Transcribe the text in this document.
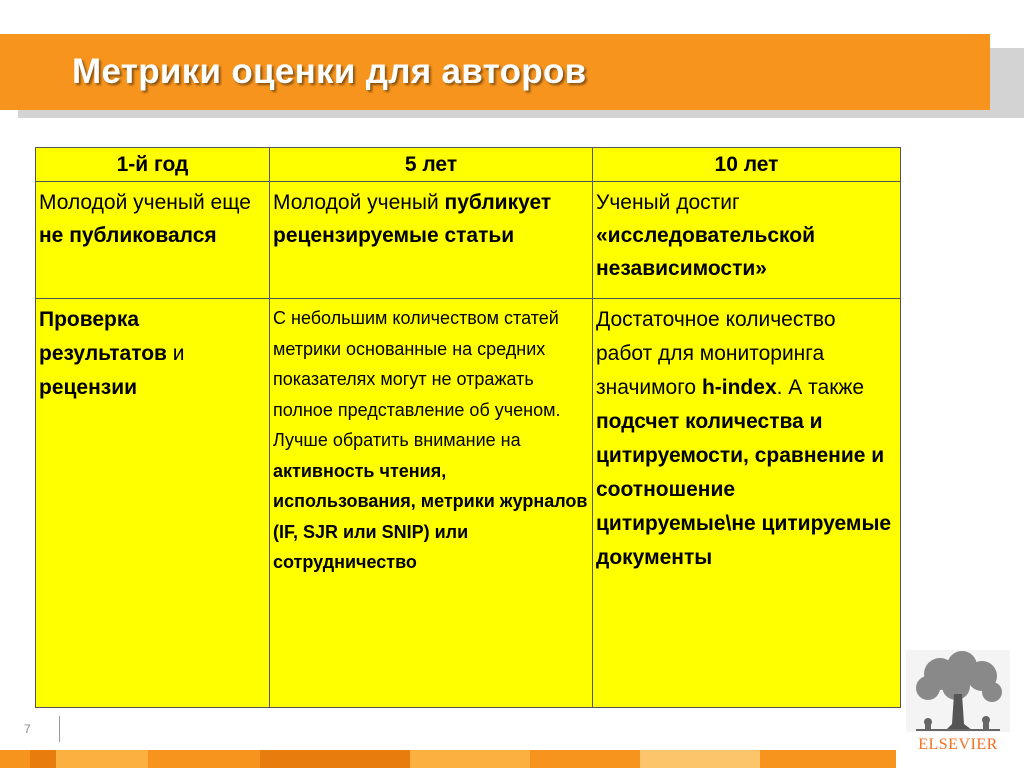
Метрики оценки для авторов
1-й год	5 лет	10 лет
Молодой ученый еще не публиковался	Молодой ученый публикует рецензируемые статьи	Ученый достиг «исследовательской независимости»
Проверка результатов и рецензии	С небольшим количеством статей метрики основанные на средних показателях могут не отражать полное представление об ученом. Лучше обратить внимание на активность чтения, использования, метрики журналов (IF, SJR или SNIP) или сотрудничество	Достаточное количество работ для мониторинга значимого h-index. А также подсчет количества и цитируемости, сравнение и соотношение цитируемые\не цитируемые документы
7
ELSEVIER
